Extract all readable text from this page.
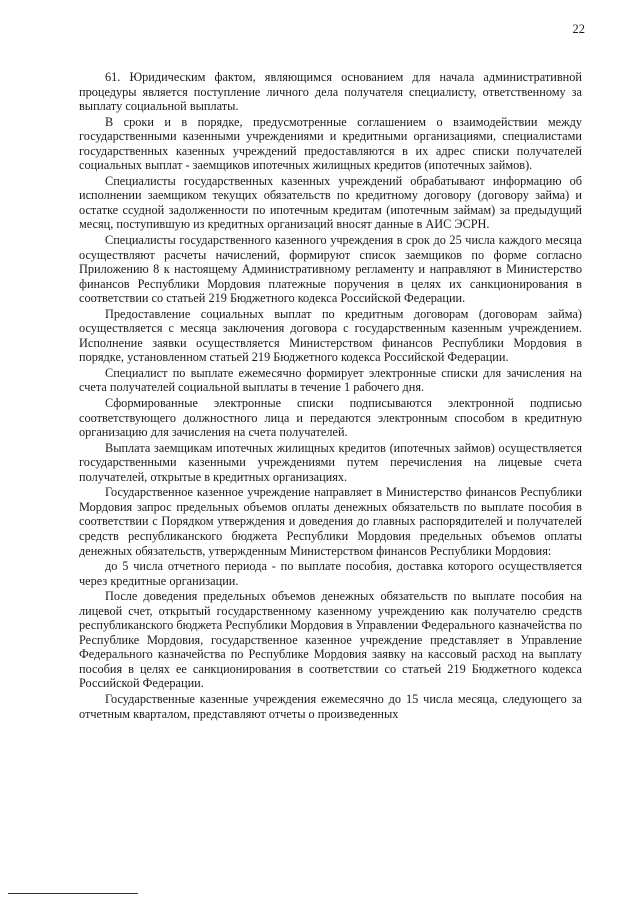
22

61. Юридическим фактом, являющимся основанием для начала административной процедуры является поступление личного дела получателя специалисту, ответственному за выплату социальной выплаты.

В сроки и в порядке, предусмотренные соглашением о взаимодействии между государственными казенными учреждениями и кредитными организациями, специалистами государственных казенных учреждений предоставляются в их адрес списки получателей социальных выплат - заемщиков ипотечных жилищных кредитов (ипотечных займов).

Специалисты государственных казенных учреждений обрабатывают информацию об исполнении заемщиком текущих обязательств по кредитному договору (договору займа) и остатке ссудной задолженности по ипотечным кредитам (ипотечным займам) за предыдущий месяц, поступившую из кредитных организаций вносят данные в АИС ЭСРН.

Специалисты государственного казенного учреждения в срок до 25 числа каждого месяца осуществляют расчеты начислений, формируют список заемщиков по форме согласно Приложению 8 к настоящему Административному регламенту и направляют в Министерство финансов Республики Мордовия платежные поручения в целях их санкционирования в соответствии со статьей 219 Бюджетного кодекса Российской Федерации.

Предоставление социальных выплат по кредитным договорам (договорам займа) осуществляется с месяца заключения договора с государственным казенным учреждением. Исполнение заявки осуществляется Министерством финансов Республики Мордовия в порядке, установленном статьей 219 Бюджетного кодекса Российской Федерации.

Специалист по выплате ежемесячно формирует электронные списки для зачисления на счета получателей социальной выплаты в течение 1 рабочего дня.

Сформированные электронные списки подписываются электронной подписью соответствующего должностного лица и передаются электронным способом в кредитную организацию для зачисления на счета получателей.

Выплата заемщикам ипотечных жилищных кредитов (ипотечных займов) осуществляется государственными казенными учреждениями путем перечисления на лицевые счета получателей, открытые в кредитных организациях.

Государственное казенное учреждение направляет в Министерство финансов Республики Мордовия запрос предельных объемов оплаты денежных обязательств по выплате пособия в соответствии с Порядком утверждения и доведения до главных распорядителей и получателей средств республиканского бюджета Республики Мордовия предельных объемов оплаты денежных обязательств, утвержденным Министерством финансов Республики Мордовия:

до 5 числа отчетного периода - по выплате пособия, доставка которого осуществляется через кредитные организации.

После доведения предельных объемов денежных обязательств по выплате пособия на лицевой счет, открытый государственному казенному учреждению как получателю средств республиканского бюджета Республики Мордовия в Управлении Федерального казначейства по Республике Мордовия, государственное казенное учреждение представляет в Управление Федерального казначейства по Республике Мордовия заявку на кассовый расход на выплату пособия в целях ее санкционирования в соответствии со статьей 219 Бюджетного кодекса Российской Федерации.

Государственные казенные учреждения ежемесячно до 15 числа месяца, следующего за отчетным кварталом, представляют отчеты о произведенных
